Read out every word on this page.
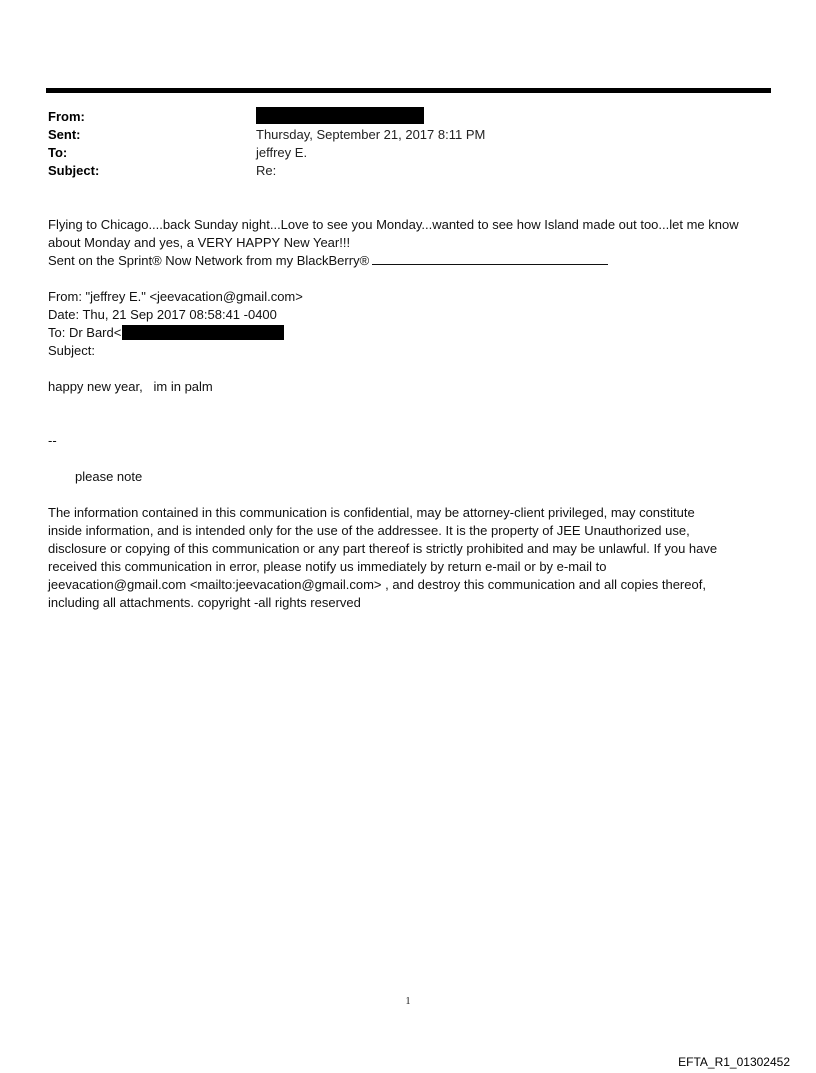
From:
Sent:	Thursday, September 21, 2017 8:11 PM
To:	jeffrey E.
Subject:	Re:

Flying to Chicago....back Sunday night...Love to see you Monday...wanted to see how Island made out too...let me know

about Monday and yes, a VERY HAPPY New Year!!!

Sent on the Sprint® Now Network from my BlackBerry®

From: "jeffrey E." <jeevacation@gmail.com>

Date: Thu, 21 Sep 2017 08:58:41 -0400

To: Dr Bard<

Subject:

happy new year,   im in palm

--

please note

The information contained in this communication is confidential, may be attorney-client privileged, may constitute

inside information, and is intended only for the use of the addressee. It is the property of JEE Unauthorized use,

disclosure or copying of this communication or any part thereof is strictly prohibited and may be unlawful. If you have

received this communication in error, please notify us immediately by return e-mail or by e-mail to

jeevacation@gmail.com <mailto:jeevacation@gmail.com> , and destroy this communication and all copies thereof,

including all attachments. copyright -all rights reserved

1
EFTA_R1_01302452
